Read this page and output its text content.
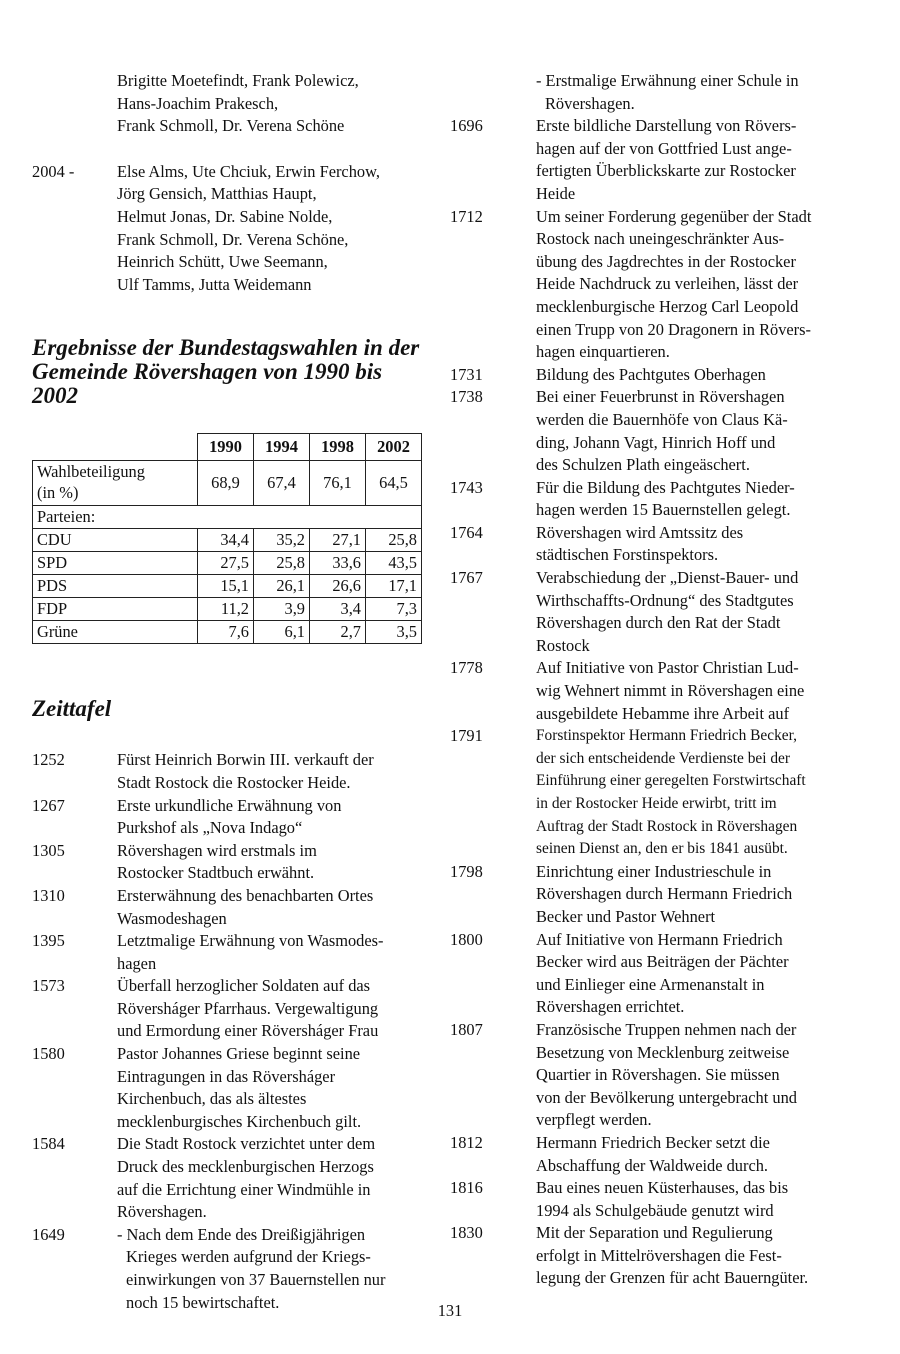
Brigitte Moetefindt, Frank Polewicz,
Hans-Joachim Prakesch,
Frank Schmoll, Dr. Verena Schöne
2004 -	Else Alms, Ute Chciuk, Erwin Ferchow,
Jörg Gensich, Matthias Haupt,
Helmut Jonas, Dr. Sabine Nolde,
Frank Schmoll, Dr. Verena Schöne,
Heinrich Schütt, Uwe Seemann,
Ulf Tamms, Jutta Weidemann
Ergebnisse der Bundestagswahlen in der
Gemeinde Rövershagen von 1990 bis 2002
	1990	1994	1998	2002
Wahlbeteiligung
(in %)	68,9	67,4	76,1	64,5
Parteien:				
CDU	34,4	35,2	27,1	25,8
SPD	27,5	25,8	33,6	43,5
PDS	15,1	26,1	26,6	17,1
FDP	11,2	3,9	3,4	7,3
Grüne	7,6	6,1	2,7	3,5
Zeittafel
1252	Fürst Heinrich Borwin III. verkauft der
Stadt Rostock die Rostocker Heide.
1267	Erste urkundliche Erwähnung von
Purkshof als „Nova Indago“
1305	Rövershagen wird erstmals im
Rostocker Stadtbuch erwähnt.
1310	Ersterwähnung des benachbarten Ortes
Wasmodeshagen
1395	Letztmalige Erwähnung von Wasmodes-
hagen
1573	Überfall herzoglicher Soldaten auf das
Röversháger Pfarrhaus. Vergewaltigung
und Ermordung einer Röversháger Frau
1580	Pastor Johannes Griese beginnt seine
Eintragungen in das Röversháger
Kirchenbuch, das als ältestes
mecklenburgisches Kirchenbuch gilt.
1584	Die Stadt Rostock verzichtet unter dem
Druck des mecklenburgischen Herzogs
auf die Errichtung einer Windmühle in
Rövershagen.
1649	- Nach dem Ende des Dreißigjährigen
Krieges werden aufgrund der Kriegs-
einwirkungen von 37 Bauernstellen nur
noch 15 bewirtschaftet.
- Erstmalige Erwähnung einer Schule in
Rövershagen.
1696	Erste bildliche Darstellung von Rövers-
hagen auf der von Gottfried Lust ange-
fertigten Überblickskarte zur Rostocker
Heide
1712	Um seiner Forderung gegenüber der Stadt
Rostock nach uneingeschränkter Aus-
übung des Jagdrechtes in der Rostocker
Heide Nachdruck zu verleihen, lässt der
mecklenburgische Herzog Carl Leopold
einen Trupp von 20 Dragonern in Rövers-
hagen einquartieren.
1731	Bildung des Pachtgutes Oberhagen
1738	Bei einer Feuerbrunst in Rövershagen
werden die Bauernhöfe von Claus Kä-
ding, Johann Vagt, Hinrich Hoff und
des Schulzen Plath eingeäschert.
1743	Für die Bildung des Pachtgutes Nieder-
hagen werden 15 Bauernstellen gelegt.
1764	Rövershagen wird Amtssitz des
städtischen Forstinspektors.
1767	Verabschiedung der „Dienst-Bauer- und
Wirthschaffts-Ordnung“ des Stadtgutes
Rövershagen durch den Rat der Stadt
Rostock
1778	Auf Initiative von Pastor Christian Lud-
wig Wehnert nimmt in Rövershagen eine
ausgebildete Hebamme ihre Arbeit auf
1791	Forstinspektor Hermann Friedrich Becker,
der sich entscheidende Verdienste bei der
Einführung einer geregelten Forstwirtschaft
in der Rostocker Heide erwirbt, tritt im
Auftrag der Stadt Rostock in Rövershagen
seinen Dienst an, den er bis 1841 ausübt.
1798	Einrichtung einer Industrieschule in
Rövershagen durch Hermann Friedrich
Becker und Pastor Wehnert
1800	Auf Initiative von Hermann Friedrich
Becker wird aus Beiträgen der Pächter
und Einlieger eine Armenanstalt in
Rövershagen errichtet.
1807	Französische Truppen nehmen nach der
Besetzung von Mecklenburg zeitweise
Quartier in Rövershagen. Sie müssen
von der Bevölkerung untergebracht und
verpflegt werden.
1812	Hermann Friedrich Becker setzt die
Abschaffung der Waldweide durch.
1816	Bau eines neuen Küsterhauses, das bis
1994 als Schulgebäude genutzt wird
1830	Mit der Separation und Regulierung
erfolgt in Mittelrövershagen die Fest-
legung der Grenzen für acht Bauerngüter.
131
